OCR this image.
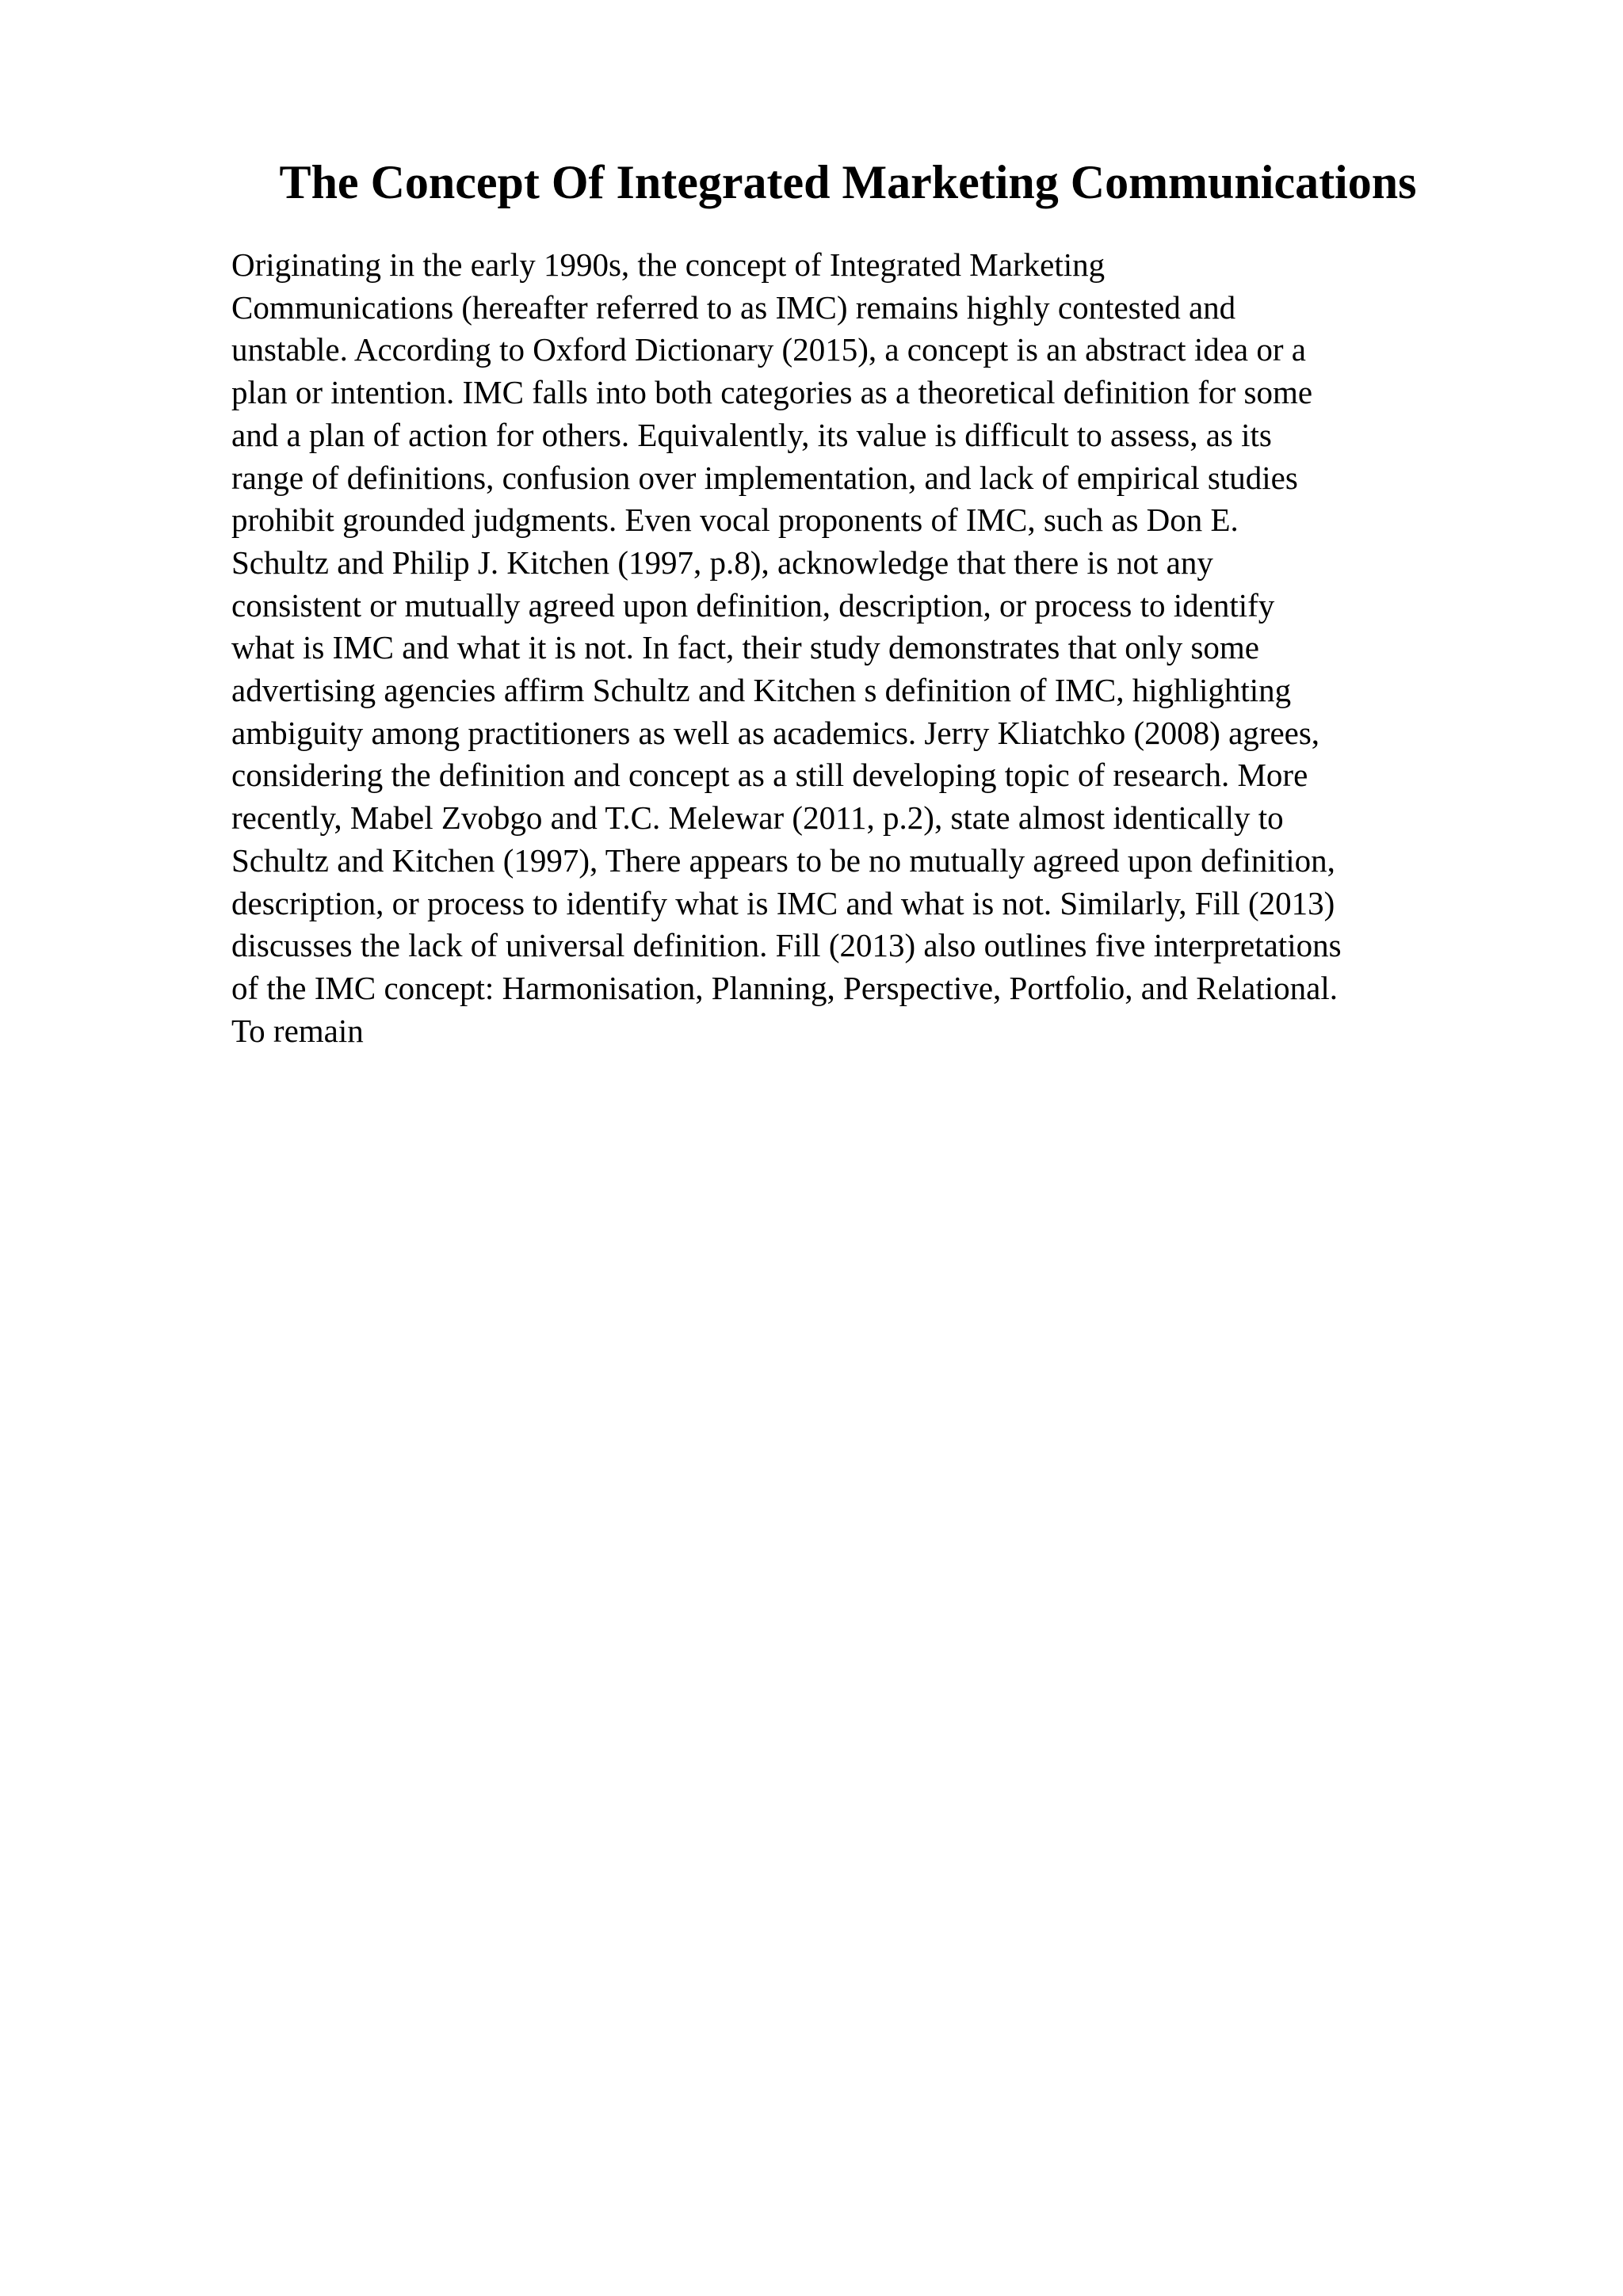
The Concept Of Integrated Marketing Communications
Originating in the early 1990s, the concept of Integrated Marketing
Communications (hereafter referred to as IMC) remains highly contested and
unstable. According to Oxford Dictionary (2015), a concept is an abstract idea or a
plan or intention. IMC falls into both categories as a theoretical definition for some
and a plan of action for others. Equivalently, its value is difficult to assess, as its
range of definitions, confusion over implementation, and lack of empirical studies
prohibit grounded judgments. Even vocal proponents of IMC, such as Don E.
Schultz and Philip J. Kitchen (1997, p.8), acknowledge that there is not any
consistent or mutually agreed upon definition, description, or process to identify
what is IMC and what it is not. In fact, their study demonstrates that only some
advertising agencies affirm Schultz and Kitchen s definition of IMC, highlighting
ambiguity among practitioners as well as academics. Jerry Kliatchko (2008) agrees,
considering the definition and concept as a still developing topic of research. More
recently, Mabel Zvobgo and T.C. Melewar (2011, p.2), state almost identically to
Schultz and Kitchen (1997), There appears to be no mutually agreed upon definition,
description, or process to identify what is IMC and what is not. Similarly, Fill (2013)
discusses the lack of universal definition. Fill (2013) also outlines five interpretations
of the IMC concept: Harmonisation, Planning, Perspective, Portfolio, and Relational.
To remain
